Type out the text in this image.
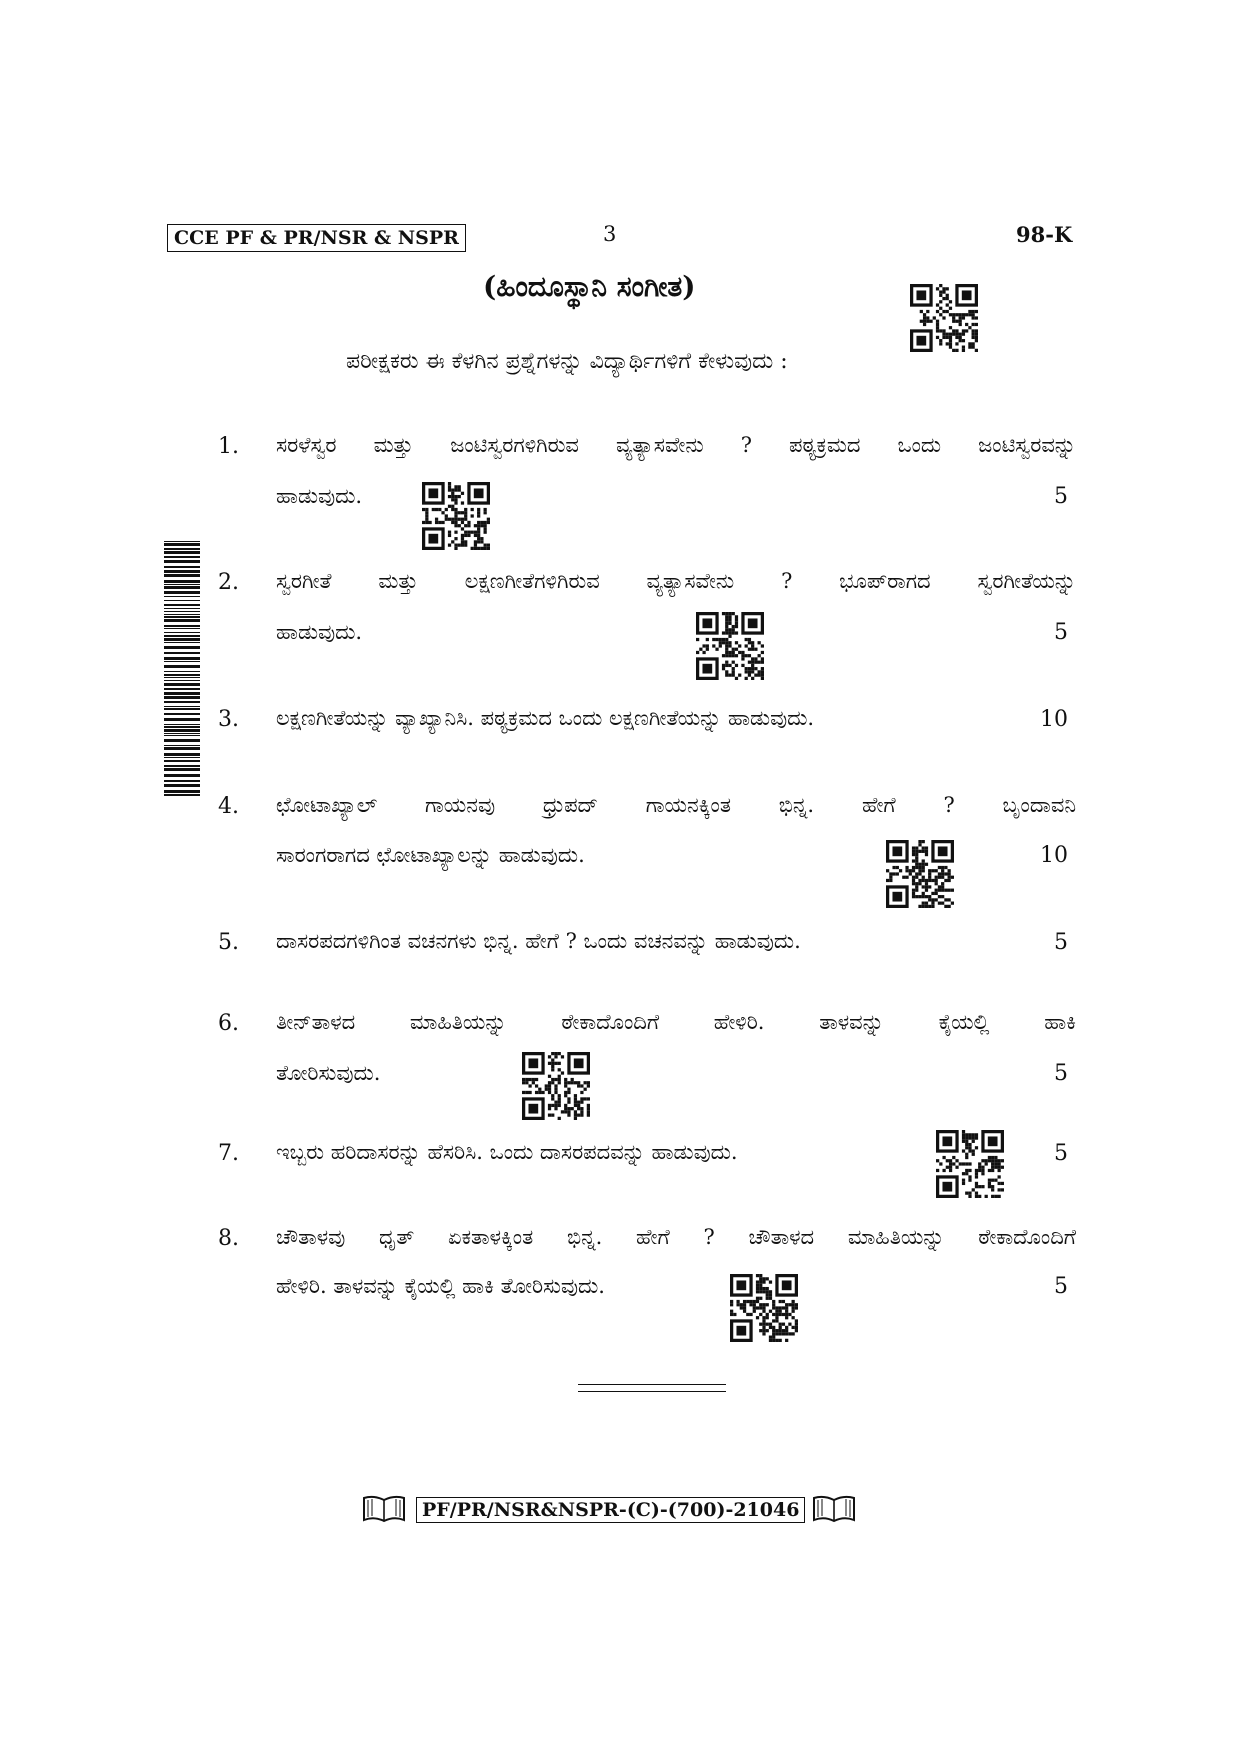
CCE PF & PR/NSR & NSPR	3	98-K
(ಹಿಂದೂಸ್ಥಾನಿ ಸಂಗೀತ)
ಪರೀಕ್ಷಕರು ಈ ಕೆಳಗಿನ ಪ್ರಶ್ನೆಗಳನ್ನು ವಿದ್ಯಾರ್ಥಿಗಳಿಗೆ ಕೇಳುವುದು :
1.	ಸರಳೆಸ್ವರ ಮತ್ತು ಜಂಟಿಸ್ವರಗಳಿಗಿರುವ ವ್ಯತ್ಯಾಸವೇನು ? ಪಠ್ಯಕ್ರಮದ ಒಂದು ಜಂಟಿಸ್ವರವನ್ನು
ಹಾಡುವುದು.	5
2.	ಸ್ವರಗೀತೆ ಮತ್ತು ಲಕ್ಷಣಗೀತೆಗಳಿಗಿರುವ ವ್ಯತ್ಯಾಸವೇನು ? ಭೂಪ್‌ರಾಗದ ಸ್ವರಗೀತೆಯನ್ನು
ಹಾಡುವುದು.	5
3.	ಲಕ್ಷಣಗೀತೆಯನ್ನು ವ್ಯಾಖ್ಯಾನಿಸಿ. ಪಠ್ಯಕ್ರಮದ ಒಂದು ಲಕ್ಷಣಗೀತೆಯನ್ನು ಹಾಡುವುದು.	10
4.	ಛೋಟಾಖ್ಯಾಲ್ ಗಾಯನವು ಧ್ರುಪದ್ ಗಾಯನಕ್ಕಿಂತ ಭಿನ್ನ. ಹೇಗೆ ? ಬೃಂದಾವನಿ
ಸಾರಂಗರಾಗದ ಛೋಟಾಖ್ಯಾಲನ್ನು ಹಾಡುವುದು.	10
5.	ದಾಸರಪದಗಳಿಗಿಂತ ವಚನಗಳು ಭಿನ್ನ. ಹೇಗೆ ? ಒಂದು ವಚನವನ್ನು ಹಾಡುವುದು.	5
6.	ತೀನ್‌ತಾಳದ ಮಾಹಿತಿಯನ್ನು ಠೇಕಾದೊಂದಿಗೆ ಹೇಳಿರಿ. ತಾಳವನ್ನು ಕೈಯಲ್ಲಿ ಹಾಕಿ
ತೋರಿಸುವುದು.	5
7.	ಇಬ್ಬರು ಹರಿದಾಸರನ್ನು ಹೆಸರಿಸಿ. ಒಂದು ದಾಸರಪದವನ್ನು ಹಾಡುವುದು.	5
8.	ಚೌತಾಳವು ಧೃತ್ ಏಕತಾಳಕ್ಕಿಂತ ಭಿನ್ನ. ಹೇಗೆ ? ಚೌತಾಳದ ಮಾಹಿತಿಯನ್ನು ಠೇಕಾದೊಂದಿಗೆ
ಹೇಳಿರಿ. ತಾಳವನ್ನು ಕೈಯಲ್ಲಿ ಹಾಕಿ ತೋರಿಸುವುದು.	5
PF/PR/NSR&NSPR-(C)-(700)-21046
